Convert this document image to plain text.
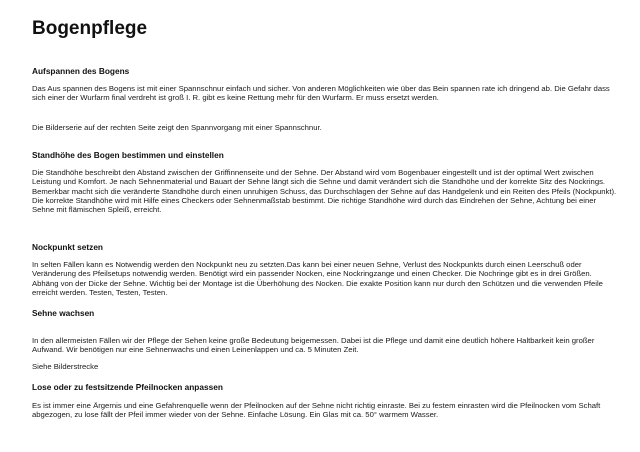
Bogenpflege
Aufspannen des Bogens

Das Aus spannen des Bogens ist mit einer Spannschnur einfach und sicher. Von anderen Möglichkeiten wie über das Bein spannen rate ich dringend ab. Die Gefahr dass sich einer der Wurfarm final verdreht ist groß I. R. gibt es keine Rettung mehr für den Wurfarm. Er muss ersetzt werden.

Die Bilderserie auf der rechten Seite zeigt den Spannvorgang mit einer Spannschnur.

Standhöhe des Bogen bestimmen und einstellen

Die Standhöhe beschreibt den Abstand zwischen der Griffinnenseite und der Sehne. Der Abstand wird vom Bogenbauer eingestellt und ist der optimal Wert zwischen Leistung und Komfort. Je nach Sehnenmaterial und Bauart der Sehne längt sich die Sehne und damit verändert sich die Standhöhe und der korrekte Sitz des Nockrings. Bemerkbar macht sich die veränderte Standhöhe durch einen unruhigen Schuss, das Durchschlagen der Sehne auf das Handgelenk und ein Reiten des Pfeils (Nockpunkt). Die korrekte Standhöhe wird mit Hilfe eines Checkers oder Sehnenmaßstab bestimmt. Die richtige Standhöhe wird durch das Eindrehen der Sehne, Achtung bei einer Sehne mit flämischen Spleiß, erreicht.

Nockpunkt setzen

In selten Fällen kann es Notwendig werden den Nockpunkt neu zu setzten.Das kann bei einer neuen Sehne, Verlust des Nockpunkts durch einen Leerschuß oder Veränderung des Pfeilsetups notwendig werden. Benötigt wird ein passender Nocken, eine Nockringzange und einen Checker. Die Nochringe gibt es in drei Größen. Abhäng von der Dicke der Sehne. Wichtig bei der Montage ist die Überhöhung des Nocken. Die exakte Position kann nur durch den Schützen und die verwenden Pfeile erreicht werden. Testen, Testen, Testen.

Sehne wachsen

In den allermeisten Fällen wir der Pflege der Sehen keine große Bedeutung beigemessen. Dabei ist die Pflege und damit eine deutlich höhere Haltbarkeit kein großer Aufwand. Wir benötigen nur eine Sehnenwachs und einen Leinenlappen und ca. 5 Minuten Zeit.

Siehe Bilderstrecke

Lose oder zu festsitzende Pfeilnocken anpassen

Es ist immer eine Ärgernis und eine Gefahrenquelle wenn der Pfeilnocken auf der Sehne nicht richtig einraste. Bei zu festem einrasten wird die Pfeilnocken vom Schaft abgezogen, zu lose fällt der Pfeil immer wieder von der Sehne. Einfache Lösung. Ein Glas mit ca. 50° warmem Wasser.
